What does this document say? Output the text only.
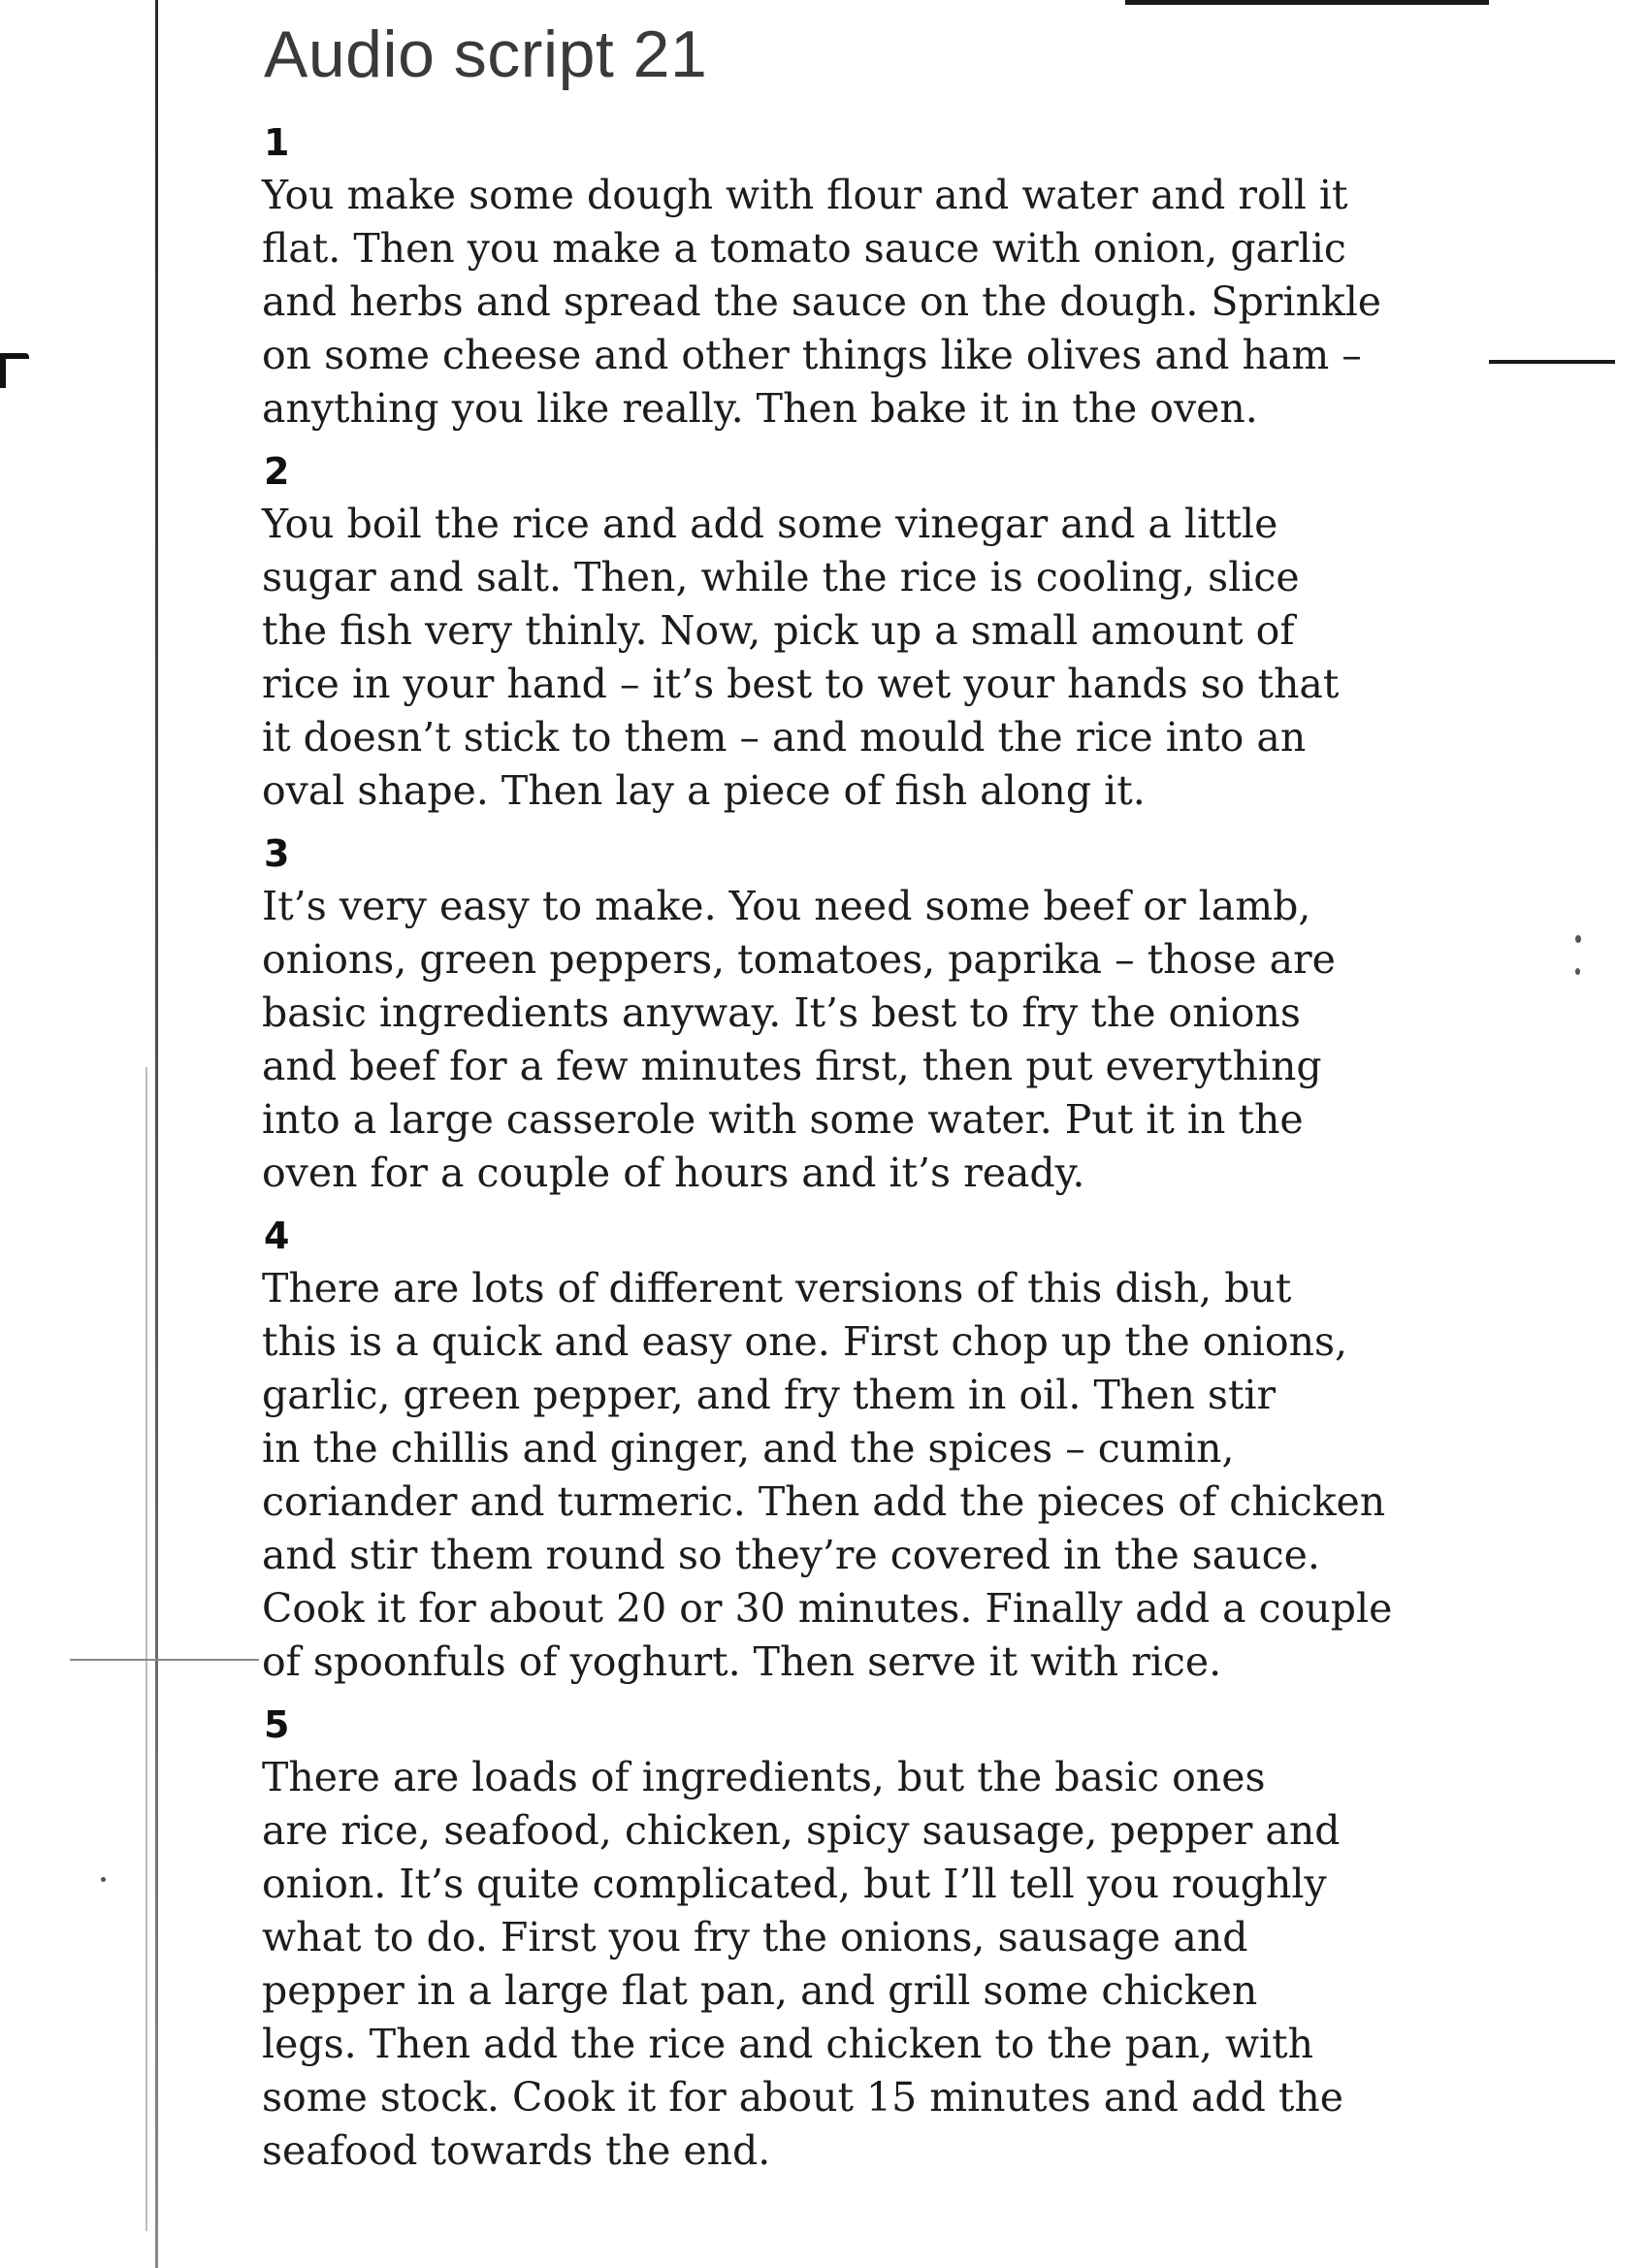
Audio script 21
1

You make some dough with flour and water and roll it
flat. Then you make a tomato sauce with onion, garlic
and herbs and spread the sauce on the dough. Sprinkle
on some cheese and other things like olives and ham –
anything you like really. Then bake it in the oven.

2

You boil the rice and add some vinegar and a little
sugar and salt. Then, while the rice is cooling, slice
the fish very thinly. Now, pick up a small amount of
rice in your hand – it’s best to wet your hands so that
it doesn’t stick to them – and mould the rice into an
oval shape. Then lay a piece of fish along it.

3

It’s very easy to make. You need some beef or lamb,
onions, green peppers, tomatoes, paprika – those are
basic ingredients anyway. It’s best to fry the onions
and beef for a few minutes first, then put everything
into a large casserole with some water. Put it in the
oven for a couple of hours and it’s ready.

4

There are lots of different versions of this dish, but
this is a quick and easy one. First chop up the onions,
garlic, green pepper, and fry them in oil. Then stir
in the chillis and ginger, and the spices – cumin,
coriander and turmeric. Then add the pieces of chicken
and stir them round so they’re covered in the sauce.
Cook it for about 20 or 30 minutes. Finally add a couple
of spoonfuls of yoghurt. Then serve it with rice.

5

There are loads of ingredients, but the basic ones
are rice, seafood, chicken, spicy sausage, pepper and
onion. It’s quite complicated, but I’ll tell you roughly
what to do. First you fry the onions, sausage and
pepper in a large flat pan, and grill some chicken
legs. Then add the rice and chicken to the pan, with
some stock. Cook it for about 15 minutes and add the
seafood towards the end.
